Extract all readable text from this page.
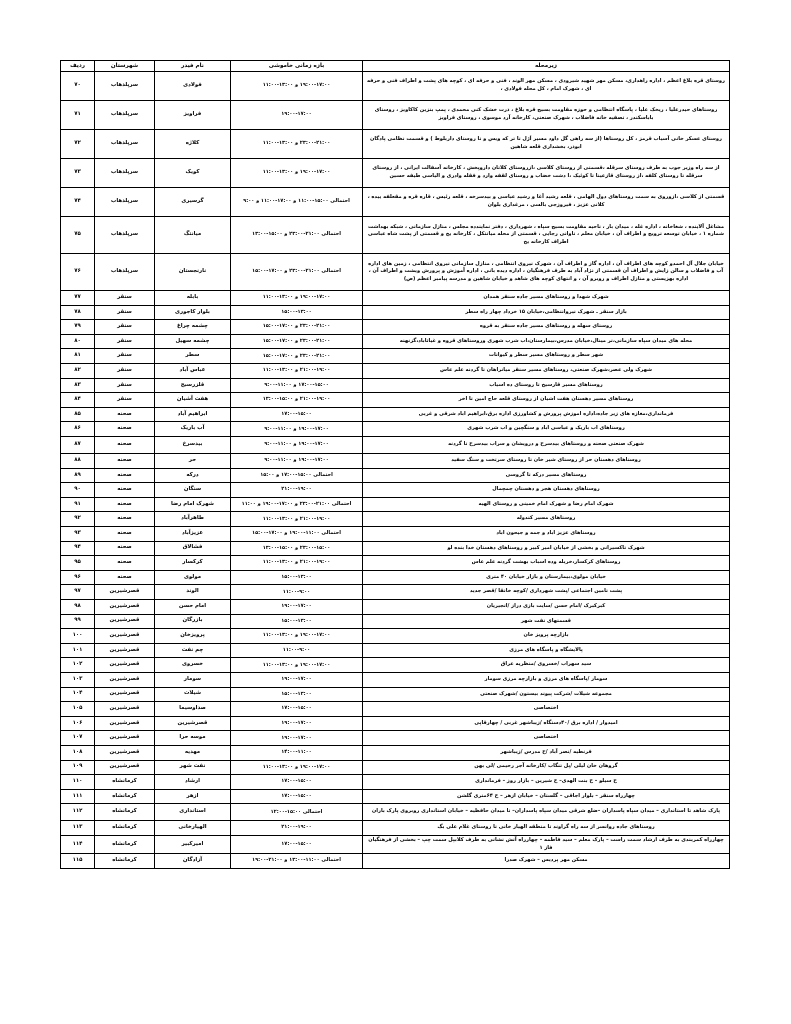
زیرمحله	بازه زمانی خاموشی	نام فیدر	شهرستان	ردیف
روستای قره بلاغ اعظم ، اداره راهداری، مسکن مهر شهید شیرودی ، مسکن مهر الوند ، فنی و حرفه ای ، کوچه های پشت و اطراف فنی و حرفه ای ، شهرک امام ، کل محله فولادی ،	۱۹:۰۰-۱۷:۰۰ و ۱۳:۰۰-۱۱:۰۰	فولادی	سرپلذهاب	۷۰
روستاهای حیدرعلیا ، ریخک علیا ، پاسگاه انتظامی و حوزه مقاومت بسیج قره بلاغ ، ذرت خشک کنی محمدی ، پمپ بنزین کاکاویز ، روستای باباسکندر ، تصفیه خانه فاضلاب ، شهرک صنعتی، کارخانه آرد موسوی ، روستای فراویز	۱۹:۰۰-۱۷:۰۰	فراویز	سرپلذهاب	۷۱
روستای عسکر خانی آسیاب قرمز ، کل روستاها (از سه راهی گل داود مسیر اَزَل تا تر که ویس و تا روستای داربلوط ) و قسمت نظامی پادگان ابوذر، بخشداری قلعه شاهین	۲۳:۰۰-۲۱:۰۰ و ۱۳:۰۰-۱۱:۰۰	کلاژه	سرپلذهاب	۷۲
از سه راه وزیر جوب به طرف روستای سرقله ،قسمتی از روستای کلاسی ،ازروستای کلاتان داروپخش ، کارخانه آسفالت ایرانی ، از روستای سرقله تا روستای کلفه ،از روستای قازعینا تا کوئیک ،ا دشت خضاب و روستای لقفه وارد و فقله وادری و الیاسی طیفه حسین	۱۹:۰۰-۱۷:۰۰ و ۱۳:۰۰-۱۱:۰۰	کویک	سرپلذهاب	۷۳
قسمتی از کلاسی ،ازوروی به سمت روستاهای دول الهامی ، قلعه رشید آغا و رشید عباسی و بیدسرخه ، قلعه رئیس ، قاره قره و مقعلفه ییده ، کلانی عزیز ، فیروزجی بالسی ، مرغداری بلوان	احتمالی ۱۵:۰۰-۱۱:۰۰ و ۱۷:۰۰-۱۱:۰۰ و ۹:۰۰	گرسیری	سرپلذهاب	۷۴
مشاغل آلاینده ، شغاخانه ، اداره غله ، میدان بار ، ناحیه مقاومت بسیج سپاه ، شهرداری ، دفتر نمایندده مجلس ، منازل سازمانی ، شبکه بهداشت شماره ۱ ، خیابان توسعه ترویج و اطراف آن ، خیابان معلم ، تاوانی رجایی ، قسمتی از محله میانتکل ، کارخانه یخ و قسمتی از پشت شاه عباسی اطراف کارخانه یخ	احتمالی ۲۱:۰۰-۲۳:۰۰ و ۱۵:۰۰-۱۳:۰۰	میانتگ	سرپلذهاب	۷۵
خیابان جلال آل احمدو کوچه های اطراف آن ، اداره گاز و اطراف آن ، شهرک نیروی انتظامی ، منازل سازمانی نیروی انتظامی ، زمین های اداره آب و فاضلاب و سالن زایش و اطراف آن قسمتی از نژاد آباد به طرف فرهنگیان ، اداره دیده بانی ، اداره آموزش و پرورش ویشت و اطراف آن ، اداره بهزیستی و منازل اطراف و روبرو آن ، و انتهای کوچه های شاهد و خیابان شاهین و مدرسه پیامبر اعظم (ص)	احتمالی ۲۱:۰۰-۲۳:۰۰ و ۱۷:۰۰-۱۵:۰۰	نارنجستان	سرپلذهاب	۷۶
شهرک شهدا و روستاهای مسیر جاده سنقر همدان	۱۹:۰۰-۱۷:۰۰ و ۱۳:۰۰-۱۱:۰۰	بابله	سنقر	۷۷
بازار سنقر ـ شهرک نیروانتظامی،خیابان ۱۵ خرداد چهار راه سطر	۱۵:۰۰-۱۳:۰۰	بلوار کاجوری	سنقر	۷۸
روستای سهله و روستاهای مسیر جاده سنقر به قروه	۲۳:۰۰-۲۱:۰۰ و ۱۷:۰۰-۱۵:۰۰	چشمه چراغ	سنقر	۷۹
محله های میدان سپاه سازمانی،تر مینال،خیابان مدرس،بیمارستان،اب شرب شهری وروستاهای قروه و غیاثاباد،گزنهنه	۲۳:۰۰-۲۱:۰۰ و ۱۷:۰۰-۱۵:۰۰	چشمه سهیل	سنقر	۸۰
شهر سطر و روستاهای مسیر سطر و کیوانات	۲۳:۰۰-۲۱:۰۰ و ۱۷:۰۰-۱۵:۰۰	سطر	سنقر	۸۱
شهرک ولی عصر،شهرک صنعتی، روستاهای مسیر سنقر میانراهان تا گردنه علم عاس	۲۱:۰۰-۱۹:۰۰ و ۱۳:۰۰-۱۱:۰۰	عباس آباد	سنقر	۸۲
روستاهای مسیر قارسیخ تا روستای ده اسیاب	۱۷:۰۰-۱۵:۰۰ و ۱۱:۰۰-۹:۰۰	قلزرسبح	سنقر	۸۳
روستاهای مسیر دهستان هفت اشیان از روستای قلعه حاج امین تا اخر	۲۱:۰۰-۱۹:۰۰ و ۱۵:۰۰-۱۳:۰۰	هفت آشیان	سنقر	۸۴
فرمانداری،مغازه های زیر جاده،اداره اموزش پرورش و کشاورزی اداره برق،ابراهیم اباد شرقی و غربی	۱۷:۰۰-۱۵:۰۰	ابراهیم آباد	صحنه	۸۵
روستاهای اب باریک و عباسی اباد و سنگچین و اب شرب شهری	۱۹:۰۰-۱۷:۰۰ و ۱۱:۰۰-۹:۰۰	آب باریک	صحنه	۸۶
شهرک صنعتی صحنه و روستاهای بیدسرخ و درویشان و سراب بیدسرخ تا گردنه	۱۹:۰۰-۱۷:۰۰ و ۱۱:۰۰-۹:۰۰	بیدسرخ	صحنه	۸۷
روستاهای دهستان حر از روستای شیر خان تا روستای سرتخت و سنگ سفید	۱۹:۰۰-۱۷:۰۰ و ۱۱:۰۰-۹:۰۰	حر	صحنه	۸۸
روستاهای مسیر درکه تا گروسی	احتمالی ۱۵:۰۰-۱۷:۰۰ و ۱۵:۰۰	درکه	صحنه	۸۹
روستاهای دهستان هجر و دهستان چمچمال	۲۱:۰۰-۱۹:۰۰	سنگان	صحنه	۹۰
شهرک امام رضا و شهرک امام خمینی و روستای الهیه	احتمالی ۲۱:۰۰-۲۳:۰۰ و ۱۷:۰۰-۱۹:۰۰ و ۱۱:۰۰	شهرک امام رضا	صحنه	۹۱
روستاهای مسیر کندوله	۲۱:۰۰-۱۹:۰۰ و ۱۳:۰۰-۱۱:۰۰	طاهرآباد	صحنه	۹۲
روستاهای عزیز اباد و جمه و جیحون اباد	احتمالی ۱۱:۰۰-۱۹:۰۰ و ۱۷:۰۰-۱۵:۰۰	عزیزآباد	صحنه	۹۳
شهرک تاکسیرانی و بخشی از خیابان امیر کبیر و روستاهای دهستان خدا بنده لو	۲۳:۰۰-۱۵:۰۰ و ۱۵:۰۰-۱۳:۰۰	فشالاق	صحنه	۹۴
روستاهای کرکسار،خربله وده اسباب بهشت گردنه علم عاس	۲۱:۰۰-۱۹:۰۰ و ۱۳:۰۰-۱۱:۰۰	کرکسار	صحنه	۹۵
خیابان مولوی،بیمارستان و بازار خیابان ۴۰ متری	۱۵:۰۰-۱۳:۰۰	مولوی	صحنه	۹۶
پشت تامین اجتماعی /پشت شهرداری /کوچه خانقا /قصر جدید	۱۱:۰۰-۹:۰۰	الوند	قصرشیرین	۹۷
کبرکبرک /امام حسن /سایت بازی دراز /اتجیریان	۱۹:۰۰-۱۷:۰۰	امام حسن	قصرشیرین	۹۸
قسمتهای نفت شهر	۱۵:۰۰-۱۳:۰۰	بازرگان	قصرشیرین	۹۹
بازارچه پرویز خان	۱۹:۰۰-۱۷:۰۰ و ۱۳:۰۰-۱۱:۰۰	پرویزخان	قصرشیرین	۱۰۰
پالایشگاه و پاسگاه های مرزی	۱۱:۰۰-۹:۰۰	چم نفت	قصرشیرین	۱۰۱
سید سهراب /خسروی /منظریه عراق	۱۹:۰۰-۱۷:۰۰ و ۱۳:۰۰-۱۱:۰۰	خسروی	قصرشیرین	۱۰۲
سومار /پاسگاه های مرزی و بازارچه مرزی سومار	۱۹:۰۰-۱۷:۰۰	سومار	قصرشیرین	۱۰۳
مجموعه شیلات /شرکت پیوند بیستون /شهرک صنعتی	۱۵:۰۰-۱۳:۰۰	شیلات	قصرشیرین	۱۰۴
اختصاصی	۱۷:۰۰-۱۵:۰۰	صداوسیما	قصرشیرین	۱۰۵
امیدوار / اداره برق /۴۰دستگاه /زیباشهر غربی / چهارقاپی	۱۹:۰۰-۱۷:۰۰	قصرشیرین	قصرشیرین	۱۰۶
اختصاصی	۱۹:۰۰-۱۷:۰۰	موسه حرا	قصرشیرین	۱۰۷
فرنطیه /نصر آباد /خ مدرس /زیباشهر	۱۴:۰۰-۱۱:۰۰	مهدیه	قصرشیرین	۱۰۸
گروهان خان لیلی /پل تنگاب /کارخانه آجر رحیمی /لی بهن	۱۹:۰۰-۱۷:۰۰ و ۱۳:۰۰-۱۱:۰۰	نفت شهر	قصرشیرین	۱۰۹
خ سیلو – خ بنت الهدی– خ شیرین – بازار روز – فرمانداری	۱۷:۰۰-۱۵:۰۰	ارشاد	کرمانشاه	۱۱۰
چهارراه سنقر – بلوار اجاقی – گلستان – خیابان ازهر – خ ۶۴متری گلشن	۱۷:۰۰-۱۵:۰۰	ازهر	کرمانشاه	۱۱۱
پارک شاهد تا استانداری – میدان سپاه پاسداران –ضلع شرقی میدان سپاه پاسداران– تا میدان حافظیه – خیابان استانداری روبروی پارک باران	احتمالی ۱۵:۰۰-۱۲:۰۰	استانداری	کرمانشاه	۱۱۲
روستاهای جاده روانسر از سه راه گراوند تا منطقه الهیار خانی تا روستای غلام علی بگ	۲۱:۰۰-۱۹:۰۰	الهیارخانی	کرمانشاه	۱۱۳
چهارراه کمربندی به طرف ارشاد سمت راست – پارک معلم – سید فاطمه – چهارراه آتش نشانی به طرف کلابپل سمت چپ – بخشی از فرهنگیان فاز ۱	۱۷:۰۰-۱۵:۰۰	امیرکبیر	کرمانشاه	۱۱۴
مسکن مهر پردیس – شهرک صدرا	احتمالی ۱۱:۰۰-۱۳:۰۰ و ۲۱:۰۰-۱۹:۰۰	آزادگان	کرمانشاه	۱۱۵
